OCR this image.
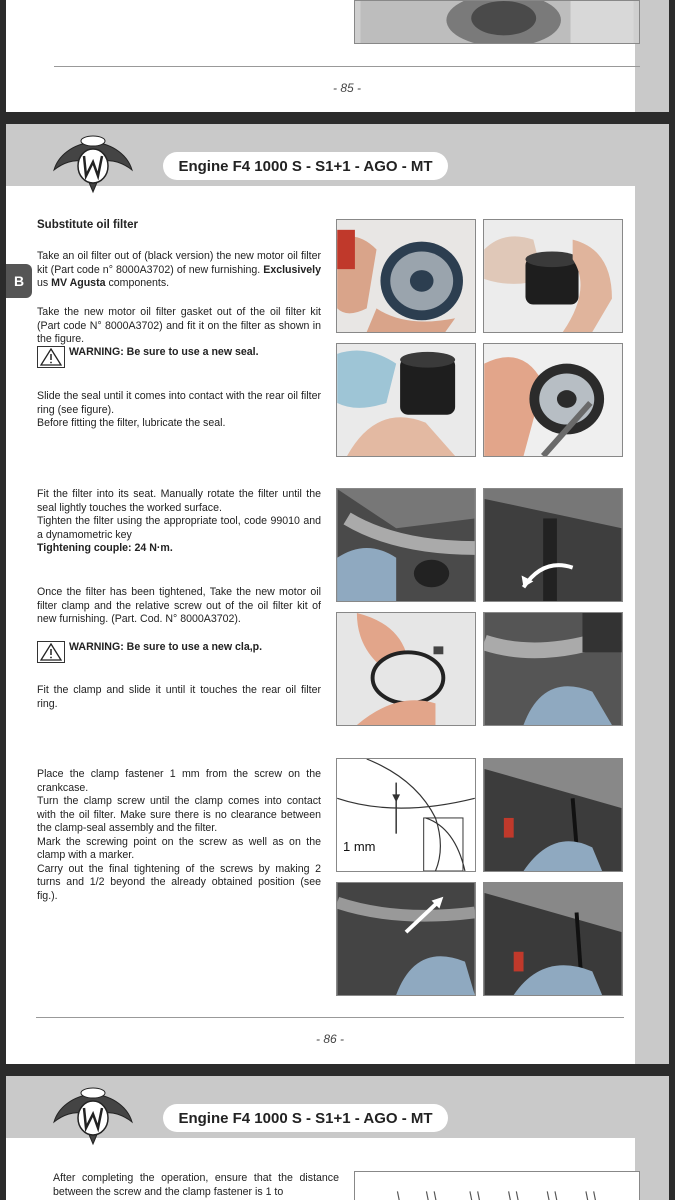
- 85 -
Engine F4 1000 S - S1+1 - AGO - MT
B
Substitute oil filter
Take an oil filter out of (black version) the new motor oil filter kit (Part code n° 8000A3702) of new furnishing. Exclusively us MV Agusta components.
Take the new motor oil filter gasket out of the oil filter kit (Part code N° 8000A3702) and fit it on the filter as shown in the figure.
WARNING: Be sure to use a new seal.
Slide the seal until it comes into contact with the rear oil filter ring (see figure).
Before fitting the filter, lubricate the seal.
Fit the filter into its seat. Manually rotate the filter until the seal lightly touches the worked surface.
Tighten the filter using the appropriate tool, code 99010 and a dynamometric key
Tightening couple: 24 N·m.
Once the filter has been tightened, Take the new motor oil filter clamp and the relative screw out of the oil filter kit of new furnishing. (Part. Cod. N° 8000A3702).
WARNING: Be sure to use a new cla,p.
Fit the clamp and slide it until it touches the rear oil filter ring.
Place the clamp fastener 1 mm from the screw on the crankcase.
Turn the clamp screw until the clamp comes into contact with the oil filter. Make sure there is no clearance between the clamp-seal assembly and the filter.
Mark the screwing point on the screw as well as on the clamp with a marker.
Carry out the final tightening of the screws by making 2 turns and 1/2 beyond the already obtained position (see fig.).
1 mm
- 86 -
Engine F4 1000 S - S1+1 - AGO - MT
After completing the operation, ensure that the distance between the screw and the clamp fastener is 1 to
